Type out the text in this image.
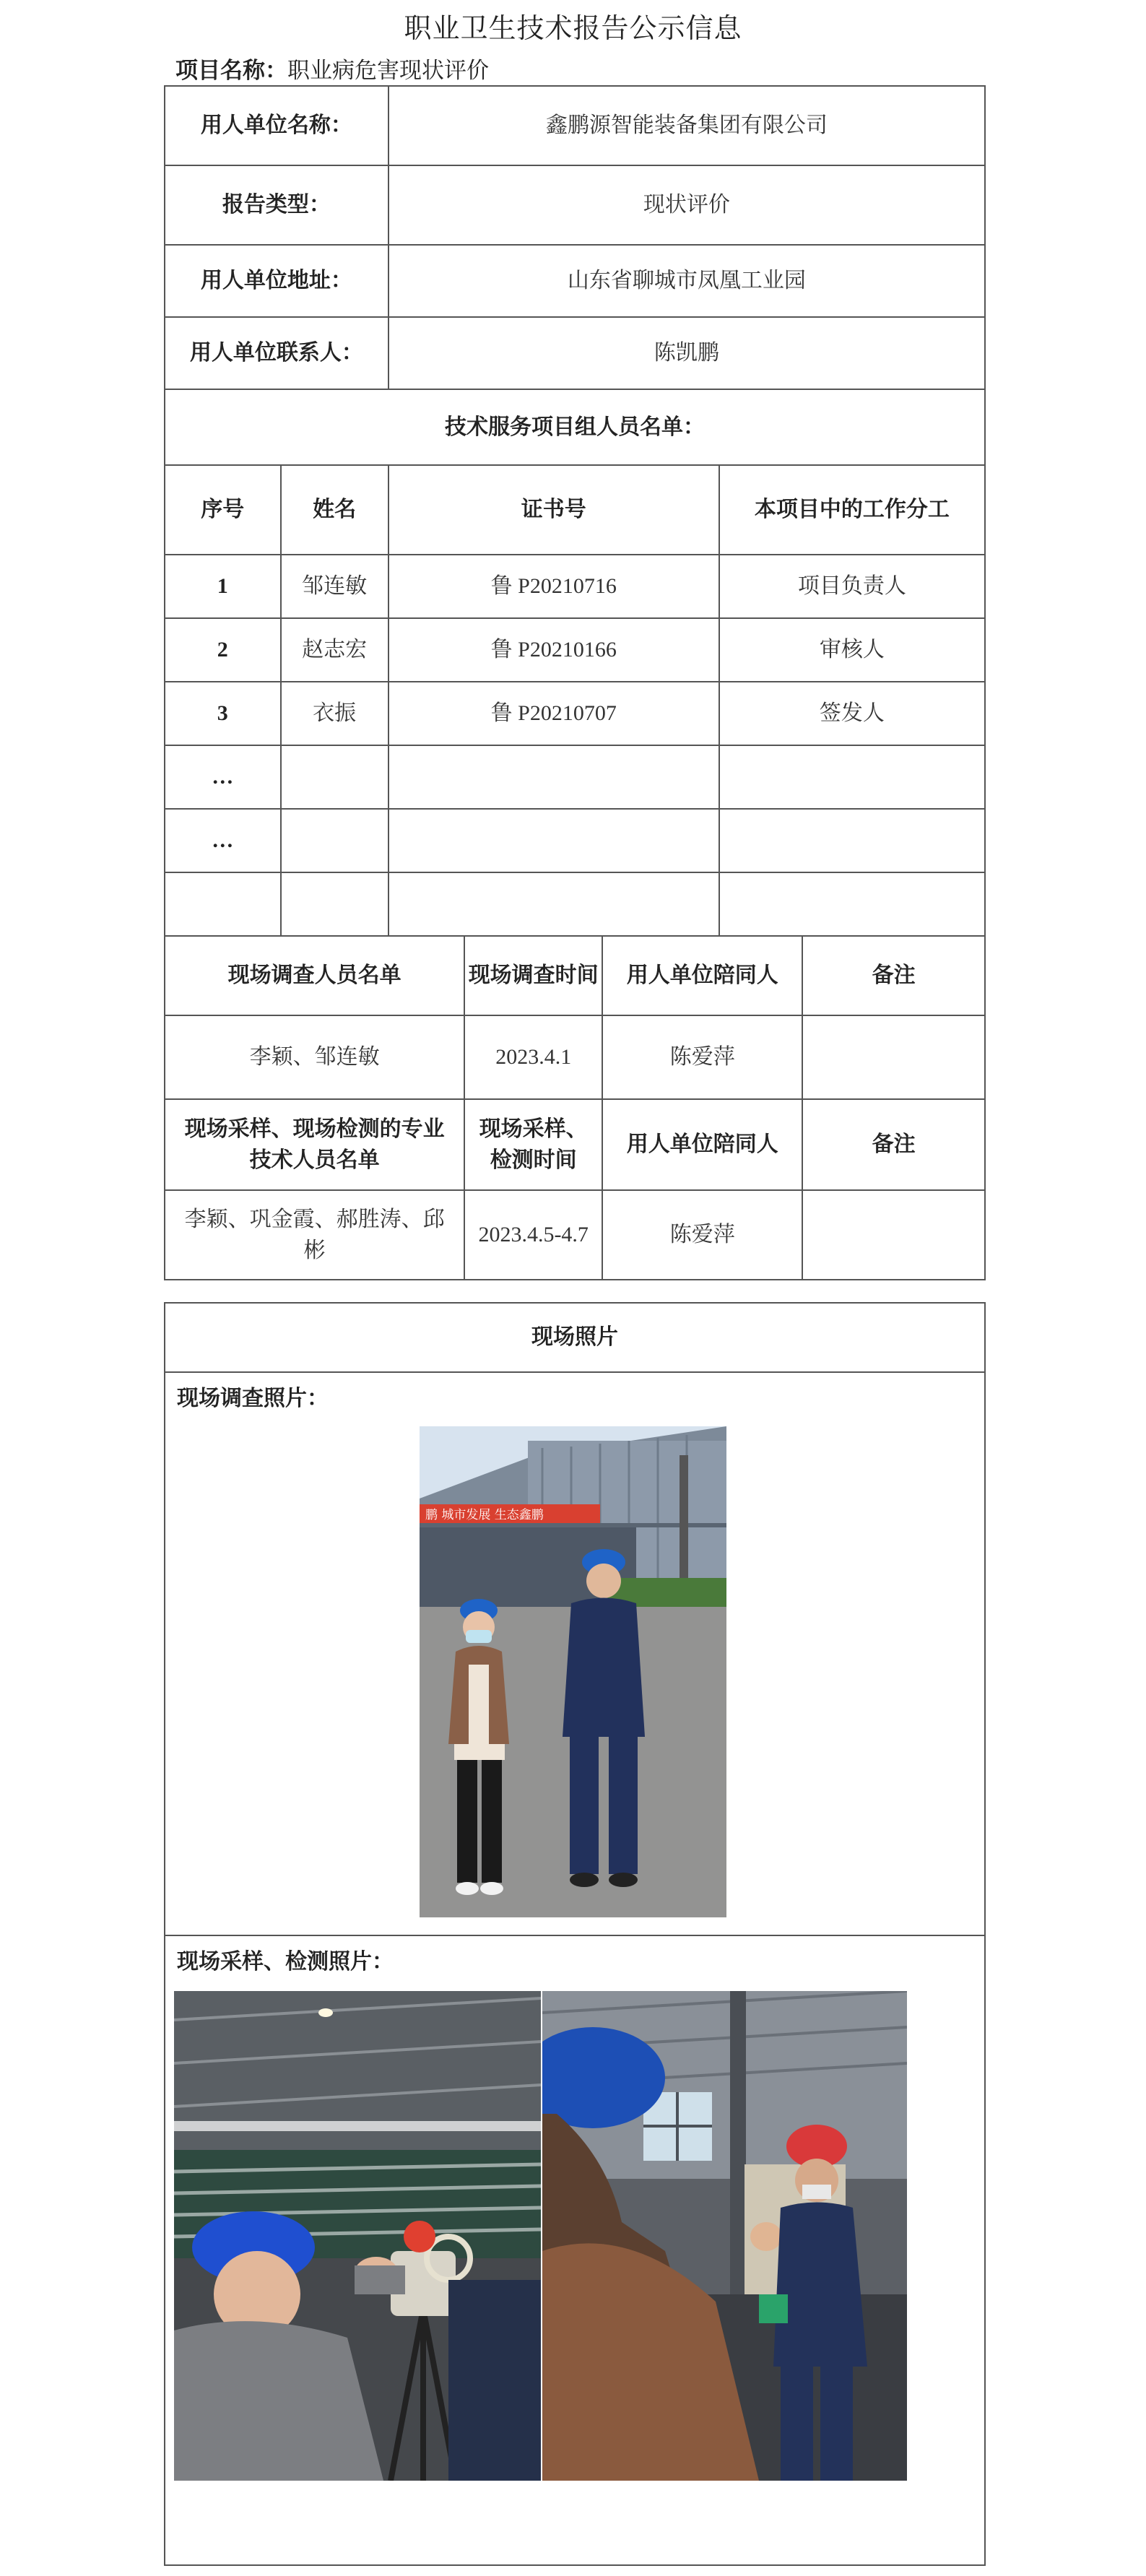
职业卫生技术报告公示信息
项目名称：职业病危害现状评价
用人单位名称：		鑫鹏源智能装备集团有限公司				
报告类型：		现状评价				
用人单位地址：		山东省聊城市凤凰工业园				
用人单位联系人：		陈凯鹏				
技术服务项目组人员名单：						
序号	姓名	证书号			本项目中的工作分工	
1	邹连敏	鲁 P20210716			项目负责人	
2	赵志宏	鲁 P20210166			审核人	
3	衣振	鲁 P20210707			签发人	
…						
…						

现场调查人员名单			现场调查时间	用人单位陪同人		备注
李颖、邹连敏			2023.4.1	陈爱萍		
现场采样、现场检测的专业技术人员名单			现场采样、检测时间	用人单位陪同人		备注
李颖、巩金霞、郝胜涛、邱彬			2023.4.5-4.7	陈爱萍		
现场照片

现场调查照片：

现场采样、检测照片：
鹏 城市发展 生态鑫鹏
